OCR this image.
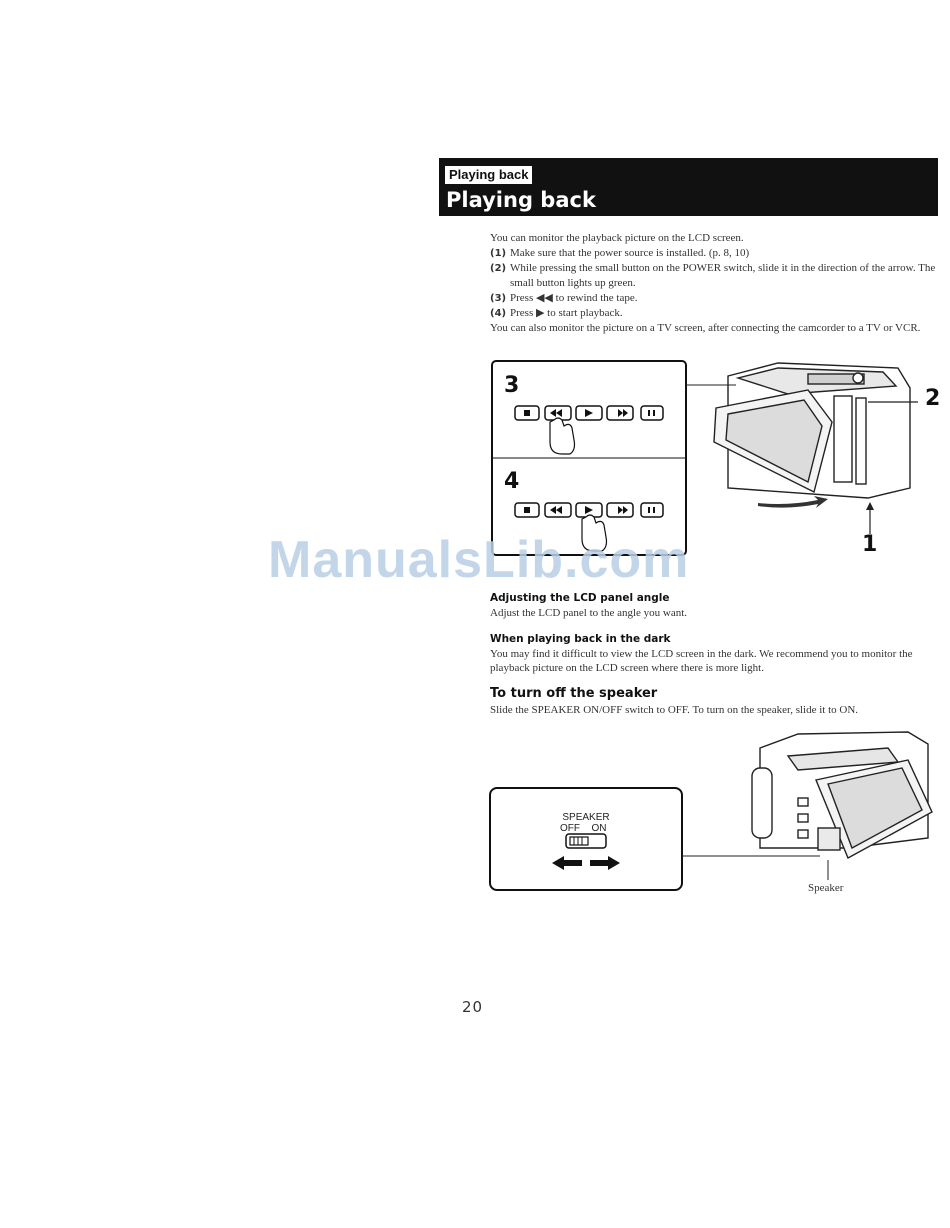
Playing back
Playing back

You can monitor the playback picture on the LCD screen.

(1) Make sure that the power source is installed. (p. 8, 10)
(2) While pressing the small button on the POWER switch, slide it in the direction of the arrow. The small button lights up green.
(3) Press ◀◀ to rewind the tape.
(4) Press ▶ to start playback.

You can also monitor the picture on a TV screen, after connecting the camcorder to a TV or VCR.

3
4
2
1
ManualsLib.com
Adjusting the LCD panel angle

Adjust the LCD panel to the angle you want.

When playing back in the dark

You may find it difficult to view the LCD screen in the dark. We recommend you to monitor the playback picture on the LCD screen where there is more light.

To turn off the speaker

Slide the SPEAKER ON/OFF switch to OFF. To turn on the speaker, slide it to ON.

SPEAKER
OFF ON
Speaker
20
